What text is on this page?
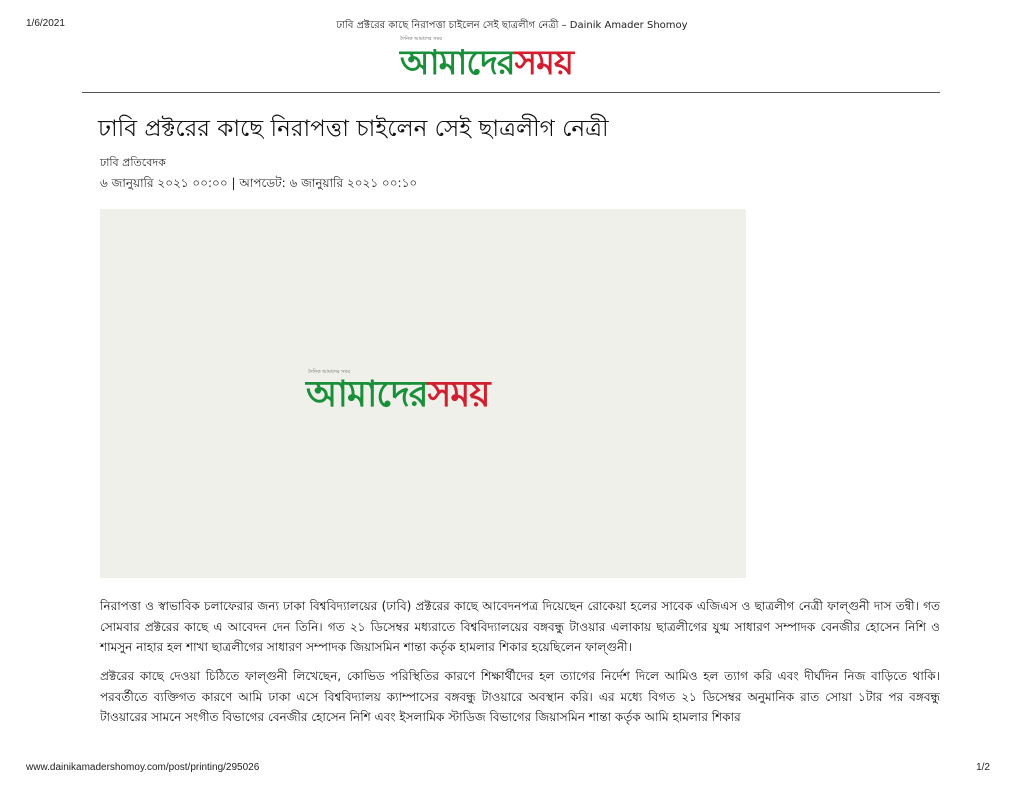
1/6/2021	ঢাবি প্রক্টরের কাছে নিরাপত্তা চাইলেন সেই ছাত্রলীগ নেত্রী – Dainik Amader Shomoy
দৈনিক আমাদের সময়
আমাদেরসময়
ঢাবি প্রক্টরের কাছে নিরাপত্তা চাইলেন সেই ছাত্রলীগ নেত্রী
ঢাবি প্রতিবেদক
৬ জানুয়ারি ২০২১ ০০:০০ | আপডেট: ৬ জানুয়ারি ২০২১ ০০:১০
দৈনিক আমাদের সময়
আমাদেরসময়

নিরাপত্তা ও স্বাভাবিক চলাফেরার জন্য ঢাকা বিশ্ববিদ্যালয়ের (ঢাবি) প্রক্টরের কাছে আবেদনপত্র দিয়েছেন রোকেয়া হলের সাবেক এজিএস ও ছাত্রলীগ নেত্রী ফাল্গুনী দাস তন্বী। গত সোমবার প্রক্টরের কাছে এ আবেদন দেন তিনি। গত ২১ ডিসেম্বর মধ্যরাতে বিশ্ববিদ্যালয়ের বঙ্গবন্ধু টাওয়ার এলাকায় ছাত্রলীগের যুগ্ম সাধারণ সম্পাদক বেনজীর হোসেন নিশি ও শামসুন নাহার হল শাখা ছাত্রলীগের সাধারণ সম্পাদক জিয়াসমিন শান্তা কর্তৃক হামলার শিকার হয়েছিলেন ফাল্গুনী।

প্রক্টরের কাছে দেওয়া চিঠিতে ফাল্গুনী লিখেছেন, কোভিড পরিস্থিতির কারণে শিক্ষার্থীদের হল ত্যাগের নির্দেশ দিলে আমিও হল ত্যাগ করি এবং দীর্ঘদিন নিজ বাড়িতে থাকি। পরবর্তীতে ব্যক্তিগত কারণে আমি ঢাকা এসে বিশ্ববিদ্যালয় ক্যাম্পাসের বঙ্গবন্ধু টাওয়ারে অবস্থান করি। এর মধ্যে বিগত ২১ ডিসেম্বর অনুমানিক রাত সোয়া ১টার পর বঙ্গবন্ধু টাওয়ারের সামনে সংগীত বিভাগের বেনজীর হোসেন নিশি এবং ইসলামিক স্টাডিজ বিভাগের জিয়াসমিন শান্তা কর্তৃক আমি হামলার শিকার

www.dainikamadershomoy.com/post/printing/295026	1/2
